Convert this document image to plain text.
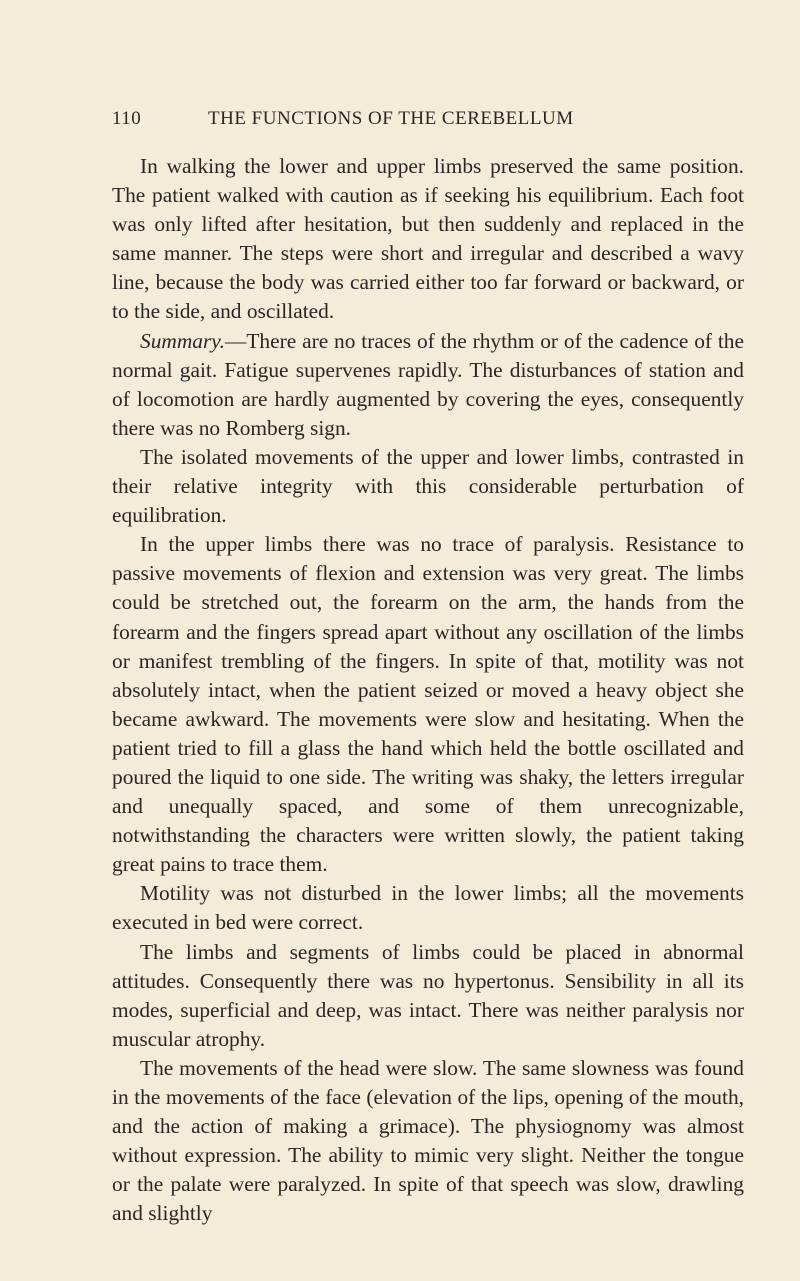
110	THE FUNCTIONS OF THE CEREBELLUM

In walking the lower and upper limbs preserved the same position. The patient walked with caution as if seeking his equilibrium. Each foot was only lifted after hesitation, but then suddenly and replaced in the same manner. The steps were short and irregular and described a wavy line, because the body was carried either too far forward or backward, or to the side, and oscillated.

Summary.—There are no traces of the rhythm or of the cadence of the normal gait. Fatigue supervenes rapidly. The disturbances of station and of locomotion are hardly augmented by covering the eyes, consequently there was no Romberg sign.

The isolated movements of the upper and lower limbs, contrasted in their relative integrity with this considerable perturbation of equilibration.

In the upper limbs there was no trace of paralysis. Resistance to passive movements of flexion and extension was very great. The limbs could be stretched out, the forearm on the arm, the hands from the forearm and the fingers spread apart without any oscillation of the limbs or manifest trembling of the fingers. In spite of that, motility was not absolutely intact, when the patient seized or moved a heavy object she became awkward. The movements were slow and hesitating. When the patient tried to fill a glass the hand which held the bottle oscillated and poured the liquid to one side. The writing was shaky, the letters irregular and unequally spaced, and some of them unrecognizable, notwithstanding the characters were written slowly, the patient taking great pains to trace them.

Motility was not disturbed in the lower limbs; all the movements executed in bed were correct.

The limbs and segments of limbs could be placed in abnormal attitudes. Consequently there was no hypertonus. Sensibility in all its modes, superficial and deep, was intact. There was neither paralysis nor muscular atrophy.

The movements of the head were slow. The same slowness was found in the movements of the face (elevation of the lips, opening of the mouth, and the action of making a grimace). The physiognomy was almost without expression. The ability to mimic very slight. Neither the tongue or the palate were paralyzed. In spite of that speech was slow, drawling and slightly
